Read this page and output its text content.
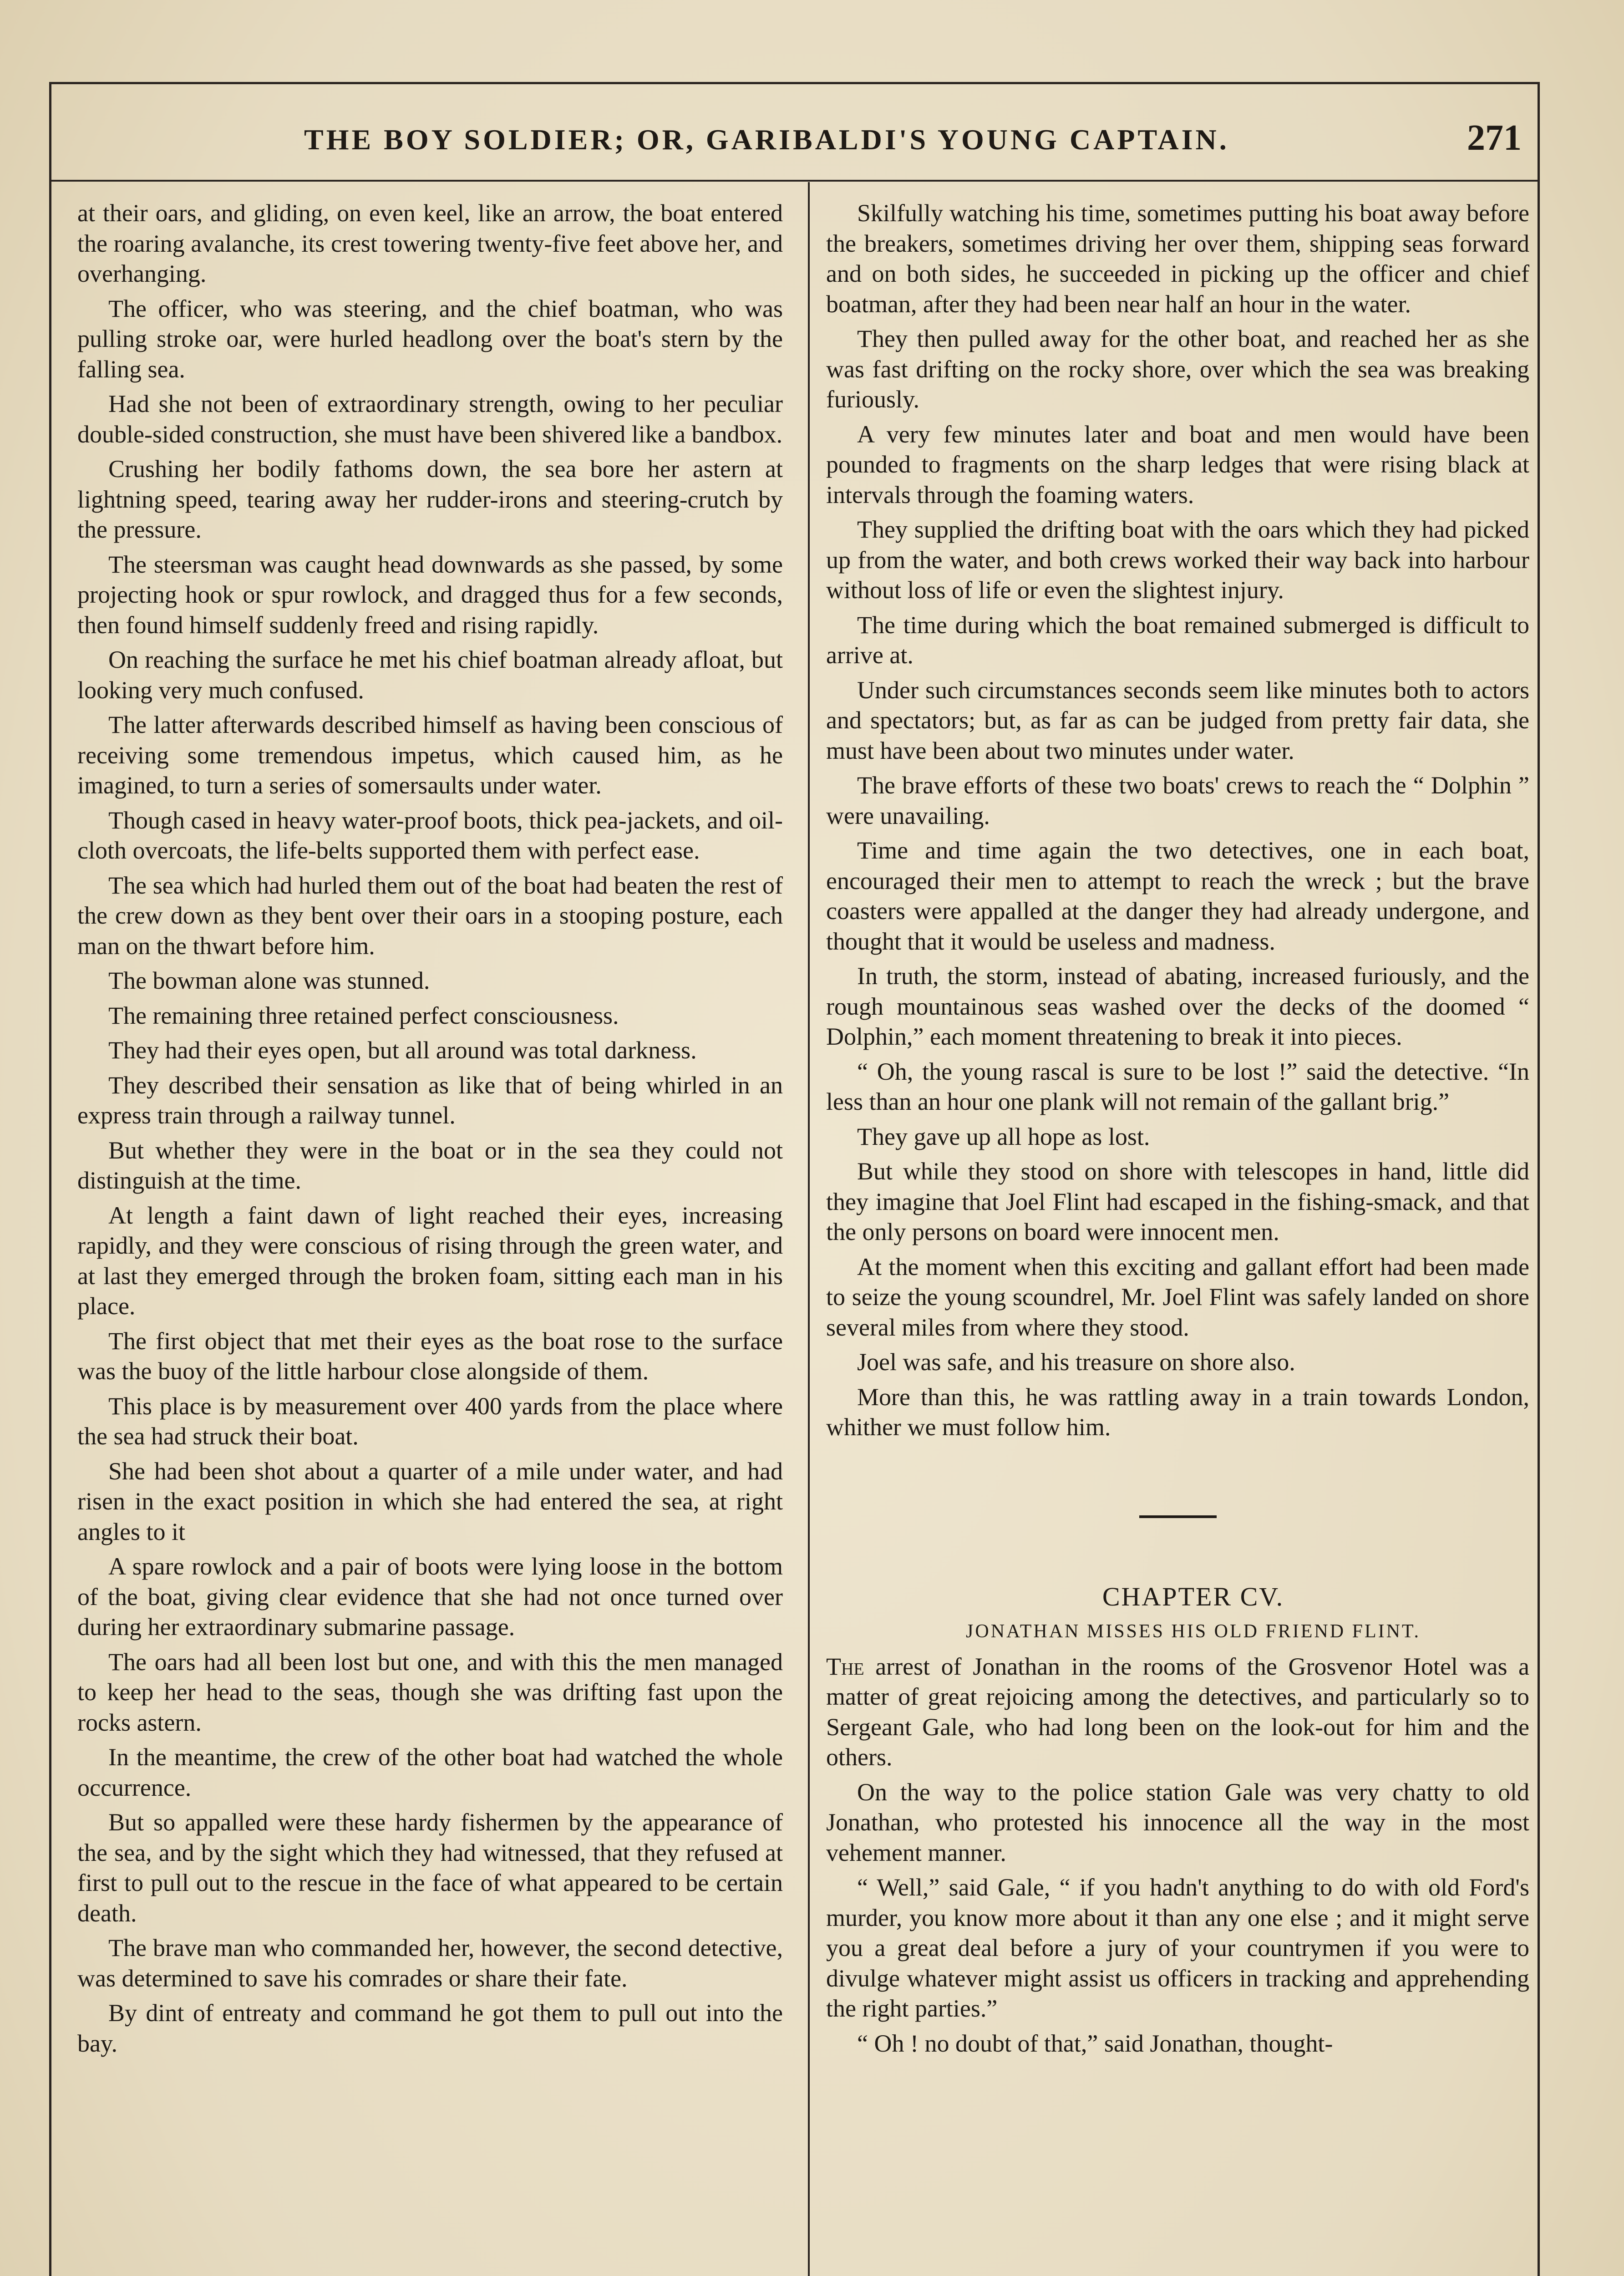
THE BOY SOLDIER; OR, GARIBALDI'S YOUNG CAPTAIN.	271

at their oars, and gliding, on even keel, like an arrow, the boat entered the roaring avalanche, its crest towering twenty-five feet above her, and overhanging.

The officer, who was steering, and the chief boatman, who was pulling stroke oar, were hurled headlong over the boat's stern by the falling sea.

Had she not been of extraordinary strength, owing to her peculiar double-sided construction, she must have been shivered like a bandbox.

Crushing her bodily fathoms down, the sea bore her astern at lightning speed, tearing away her rudder-irons and steering-crutch by the pressure.

The steersman was caught head downwards as she passed, by some projecting hook or spur rowlock, and dragged thus for a few seconds, then found himself suddenly freed and rising rapidly.

On reaching the surface he met his chief boatman already afloat, but looking very much confused.

The latter afterwards described himself as having been conscious of receiving some tremendous impetus, which caused him, as he imagined, to turn a series of somersaults under water.

Though cased in heavy water-proof boots, thick pea-jackets, and oil-cloth overcoats, the life-belts supported them with perfect ease.

The sea which had hurled them out of the boat had beaten the rest of the crew down as they bent over their oars in a stooping posture, each man on the thwart before him.

The bowman alone was stunned.

The remaining three retained perfect consciousness.

They had their eyes open, but all around was total darkness.

They described their sensation as like that of being whirled in an express train through a railway tunnel.

But whether they were in the boat or in the sea they could not distinguish at the time.

At length a faint dawn of light reached their eyes, increasing rapidly, and they were conscious of rising through the green water, and at last they emerged through the broken foam, sitting each man in his place.

The first object that met their eyes as the boat rose to the surface was the buoy of the little harbour close alongside of them.

This place is by measurement over 400 yards from the place where the sea had struck their boat.

She had been shot about a quarter of a mile under water, and had risen in the exact position in which she had entered the sea, at right angles to it

A spare rowlock and a pair of boots were lying loose in the bottom of the boat, giving clear evidence that she had not once turned over during her extraordinary submarine passage.

The oars had all been lost but one, and with this the men managed to keep her head to the seas, though she was drifting fast upon the rocks astern.

In the meantime, the crew of the other boat had watched the whole occurrence.

But so appalled were these hardy fishermen by the appearance of the sea, and by the sight which they had witnessed, that they refused at first to pull out to the rescue in the face of what appeared to be certain death.

The brave man who commanded her, however, the second detective, was determined to save his comrades or share their fate.

By dint of entreaty and command he got them to pull out into the bay.

Skilfully watching his time, sometimes putting his boat away before the breakers, sometimes driving her over them, shipping seas forward and on both sides, he succeeded in picking up the officer and chief boatman, after they had been near half an hour in the water.

They then pulled away for the other boat, and reached her as she was fast drifting on the rocky shore, over which the sea was breaking furiously.

A very few minutes later and boat and men would have been pounded to fragments on the sharp ledges that were rising black at intervals through the foaming waters.

They supplied the drifting boat with the oars which they had picked up from the water, and both crews worked their way back into harbour without loss of life or even the slightest injury.

The time during which the boat remained submerged is difficult to arrive at.

Under such circumstances seconds seem like minutes both to actors and spectators; but, as far as can be judged from pretty fair data, she must have been about two minutes under water.

The brave efforts of these two boats' crews to reach the “ Dolphin ” were unavailing.

Time and time again the two detectives, one in each boat, encouraged their men to attempt to reach the wreck ; but the brave coasters were appalled at the danger they had already undergone, and thought that it would be useless and madness.

In truth, the storm, instead of abating, increased furiously, and the rough mountainous seas washed over the decks of the doomed “ Dolphin,” each moment threatening to break it into pieces.

“ Oh, the young rascal is sure to be lost !” said the detective. “In less than an hour one plank will not remain of the gallant brig.”

They gave up all hope as lost.

But while they stood on shore with telescopes in hand, little did they imagine that Joel Flint had escaped in the fishing-smack, and that the only persons on board were innocent men.

At the moment when this exciting and gallant effort had been made to seize the young scoundrel, Mr. Joel Flint was safely landed on shore several miles from where they stood.

Joel was safe, and his treasure on shore also.

More than this, he was rattling away in a train towards London, whither we must follow him.

CHAPTER CV.

JONATHAN MISSES HIS OLD FRIEND FLINT.

The arrest of Jonathan in the rooms of the Grosvenor Hotel was a matter of great rejoicing among the detectives, and particularly so to Sergeant Gale, who had long been on the look-out for him and the others.

On the way to the police station Gale was very chatty to old Jonathan, who protested his innocence all the way in the most vehement manner.

“ Well,” said Gale, “ if you hadn't anything to do with old Ford's murder, you know more about it than any one else ; and it might serve you a great deal before a jury of your countrymen if you were to divulge whatever might assist us officers in tracking and apprehending the right parties.”

“ Oh ! no doubt of that,” said Jonathan, thought-
